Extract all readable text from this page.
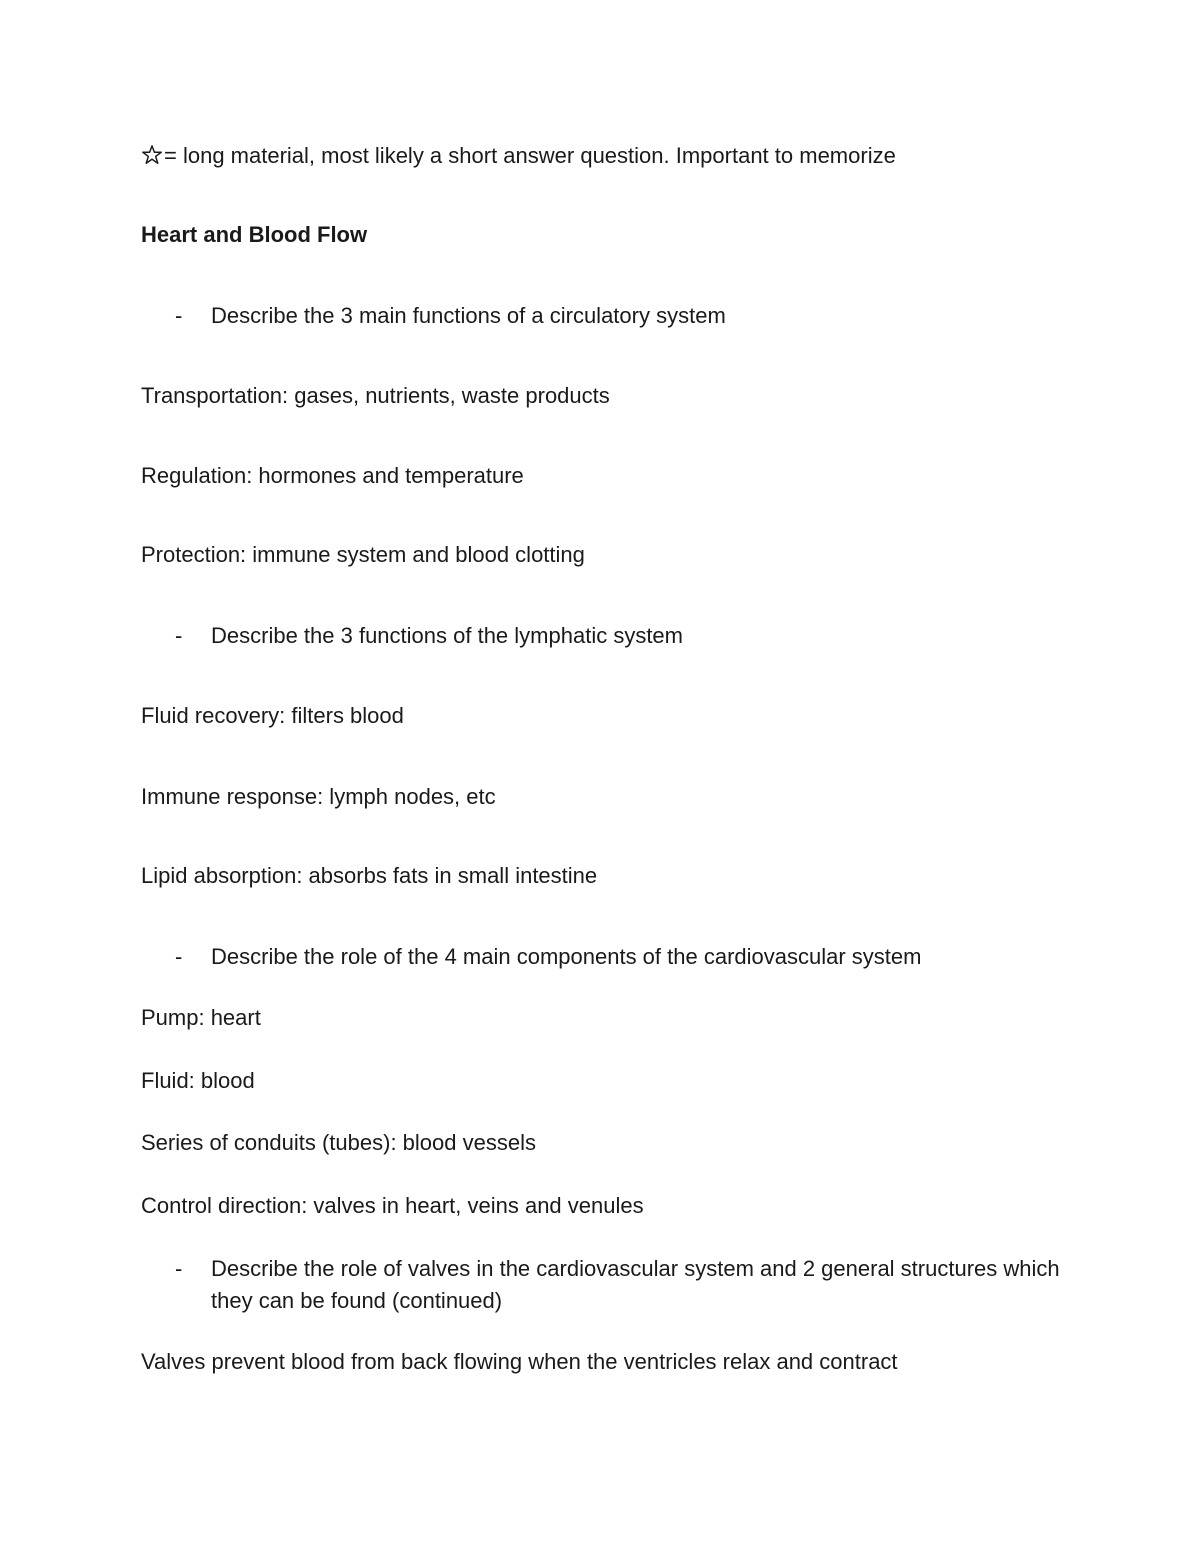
= long material, most likely a short answer question. Important to memorize
Heart and Blood Flow
- Describe the 3 main functions of a circulatory system
Transportation: gases, nutrients, waste products
Regulation: hormones and temperature
Protection: immune system and blood clotting
- Describe the 3 functions of the lymphatic system
Fluid recovery: filters blood
Immune response: lymph nodes, etc
Lipid absorption: absorbs fats in small intestine
- Describe the role of the 4 main components of the cardiovascular system
Pump: heart
Fluid: blood
Series of conduits (tubes): blood vessels
Control direction: valves in heart, veins and venules
- Describe the role of valves in the cardiovascular system and 2 general structures which they can be found (continued)
Valves prevent blood from back flowing when the ventricles relax and contract
